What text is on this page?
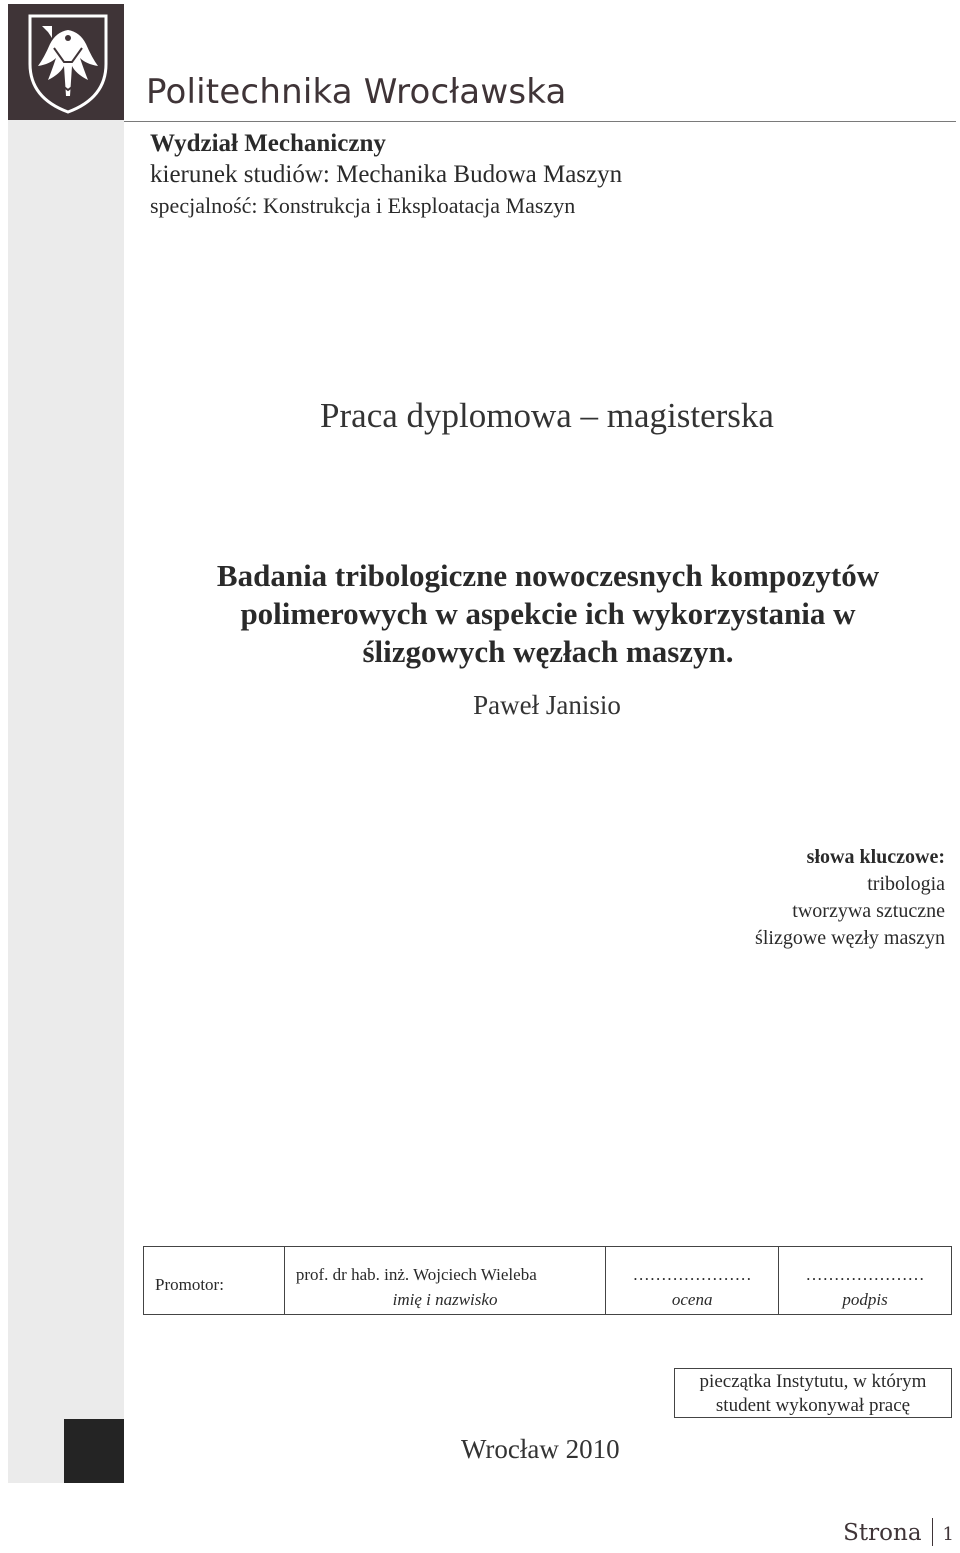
Politechnika Wrocławska
Wydział Mechaniczny
kierunek studiów: Mechanika Budowa Maszyn
specjalność: Konstrukcja i Eksploatacja Maszyn
Praca dyplomowa – magisterska
Badania tribologiczne nowoczesnych kompozytów
polimerowych w aspekcie ich wykorzystania w
ślizgowych węzłach maszyn.
Paweł Janisio
słowa kluczowe:
tribologia
tworzywa sztuczne
ślizgowe węzły maszyn
Promotor:	prof. dr hab. inż. Wojciech Wieleba	…………………	…………………
	imię i nazwisko	ocena	podpis
pieczątka Instytutu, w którym
student wykonywał pracę
Wrocław 2010
Strona 1
